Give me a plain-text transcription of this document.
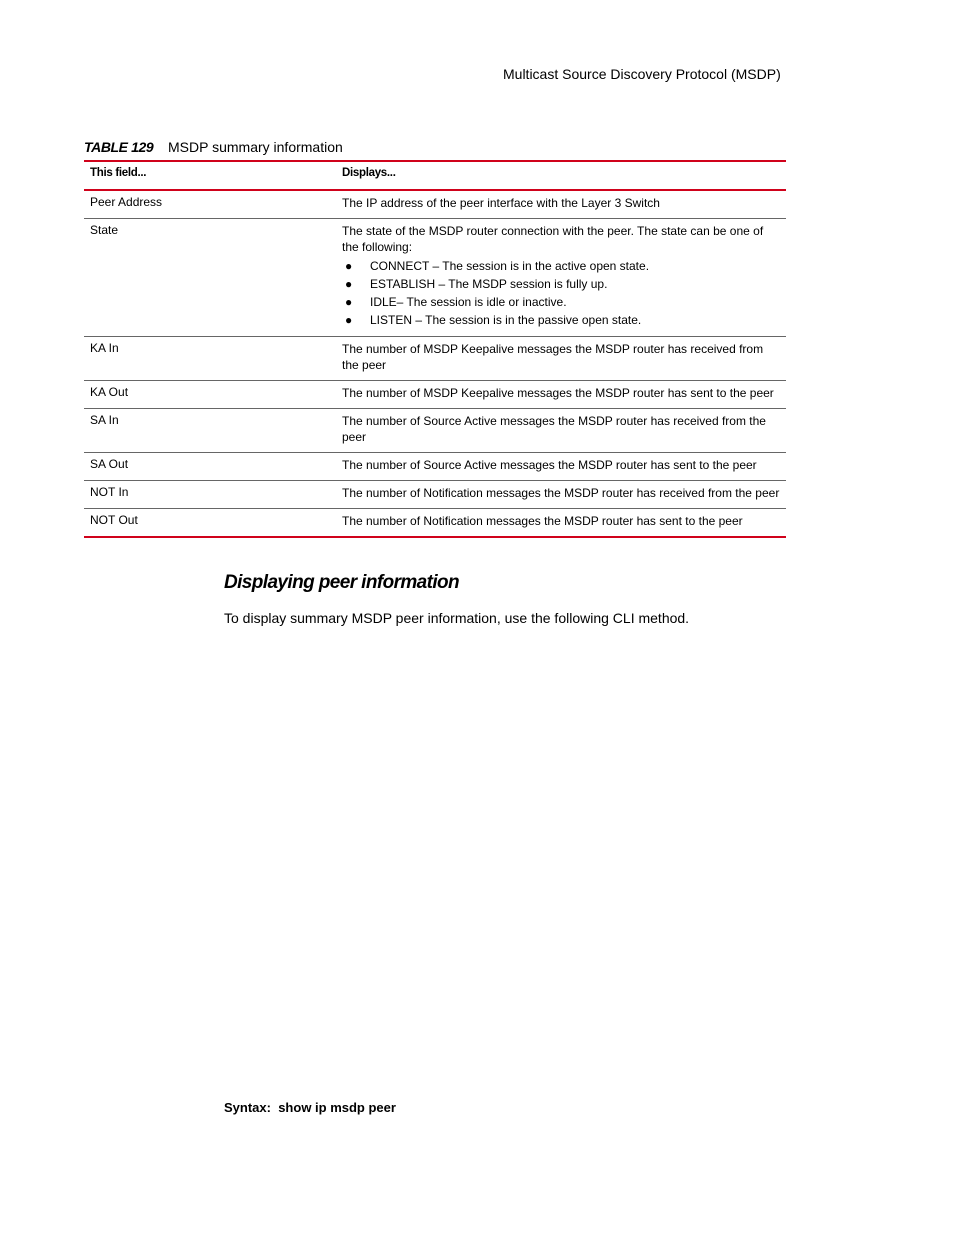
Multicast Source Discovery Protocol (MSDP)
TABLE 129 MSDP summary information
This field...	Displays...
Peer Address	The IP address of the peer interface with the Layer 3 Switch
State	The state of the MSDP router connection with the peer. The state can be one of the following:
● CONNECT – The session is in the active open state.
● ESTABLISH – The MSDP session is fully up.
● IDLE– The session is idle or inactive.
● LISTEN – The session is in the passive open state.
KA In	The number of MSDP Keepalive messages the MSDP router has received from the peer
KA Out	The number of MSDP Keepalive messages the MSDP router has sent to the peer
SA In	The number of Source Active messages the MSDP router has received from the peer
SA Out	The number of Source Active messages the MSDP router has sent to the peer
NOT In	The number of Notification messages the MSDP router has received from the peer
NOT Out	The number of Notification messages the MSDP router has sent to the peer
Displaying peer information
To display summary MSDP peer information, use the following CLI method.
Syntax: show ip msdp peer
